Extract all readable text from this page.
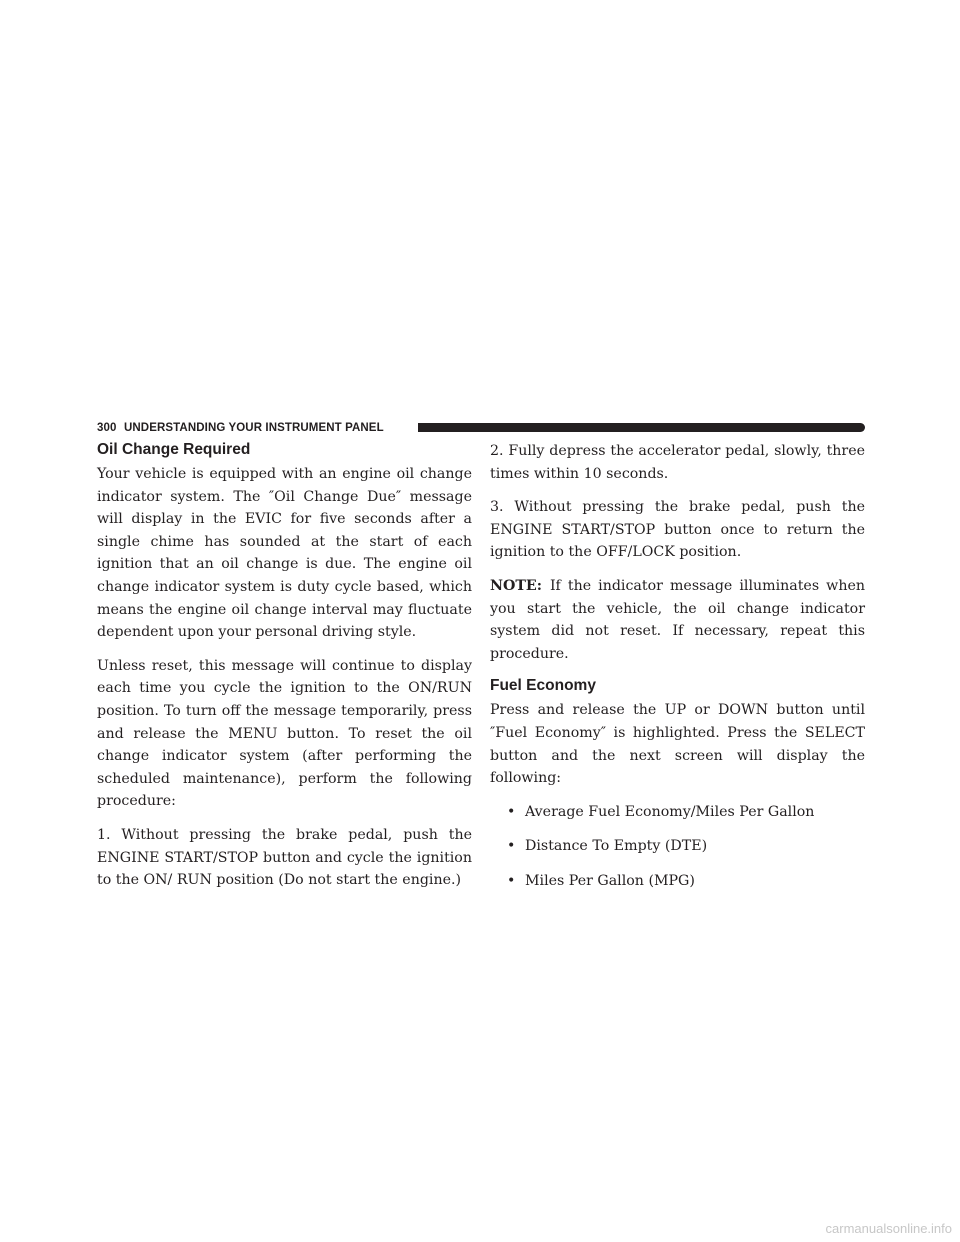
300 UNDERSTANDING YOUR INSTRUMENT PANEL
Oil Change Required

Your vehicle is equipped with an engine oil change indicator system. The ″Oil Change Due″ message will display in the EVIC for five seconds after a single chime has sounded at the start of each ignition that an oil change is due. The engine oil change indicator system is duty cycle based, which means the engine oil change interval may fluctuate dependent upon your personal driving style.

Unless reset, this message will continue to display each time you cycle the ignition to the ON/RUN position. To turn off the message temporarily, press and release the MENU button. To reset the oil change indicator system (after performing the scheduled maintenance), perform the following procedure:

1. Without pressing the brake pedal, push the ENGINE START/STOP button and cycle the ignition to the ON/ RUN position (Do not start the engine.)

2. Fully depress the accelerator pedal, slowly, three times within 10 seconds.

3. Without pressing the brake pedal, push the ENGINE START/STOP button once to return the ignition to the OFF/LOCK position.

NOTE: If the indicator message illuminates when you start the vehicle, the oil change indicator system did not reset. If necessary, repeat this procedure.

Fuel Economy

Press and release the UP or DOWN button until ″Fuel Economy″ is highlighted. Press the SELECT button and the next screen will display the following:

• Average Fuel Economy/Miles Per Gallon
• Distance To Empty (DTE)
• Miles Per Gallon (MPG)
carmanualsonline.info
